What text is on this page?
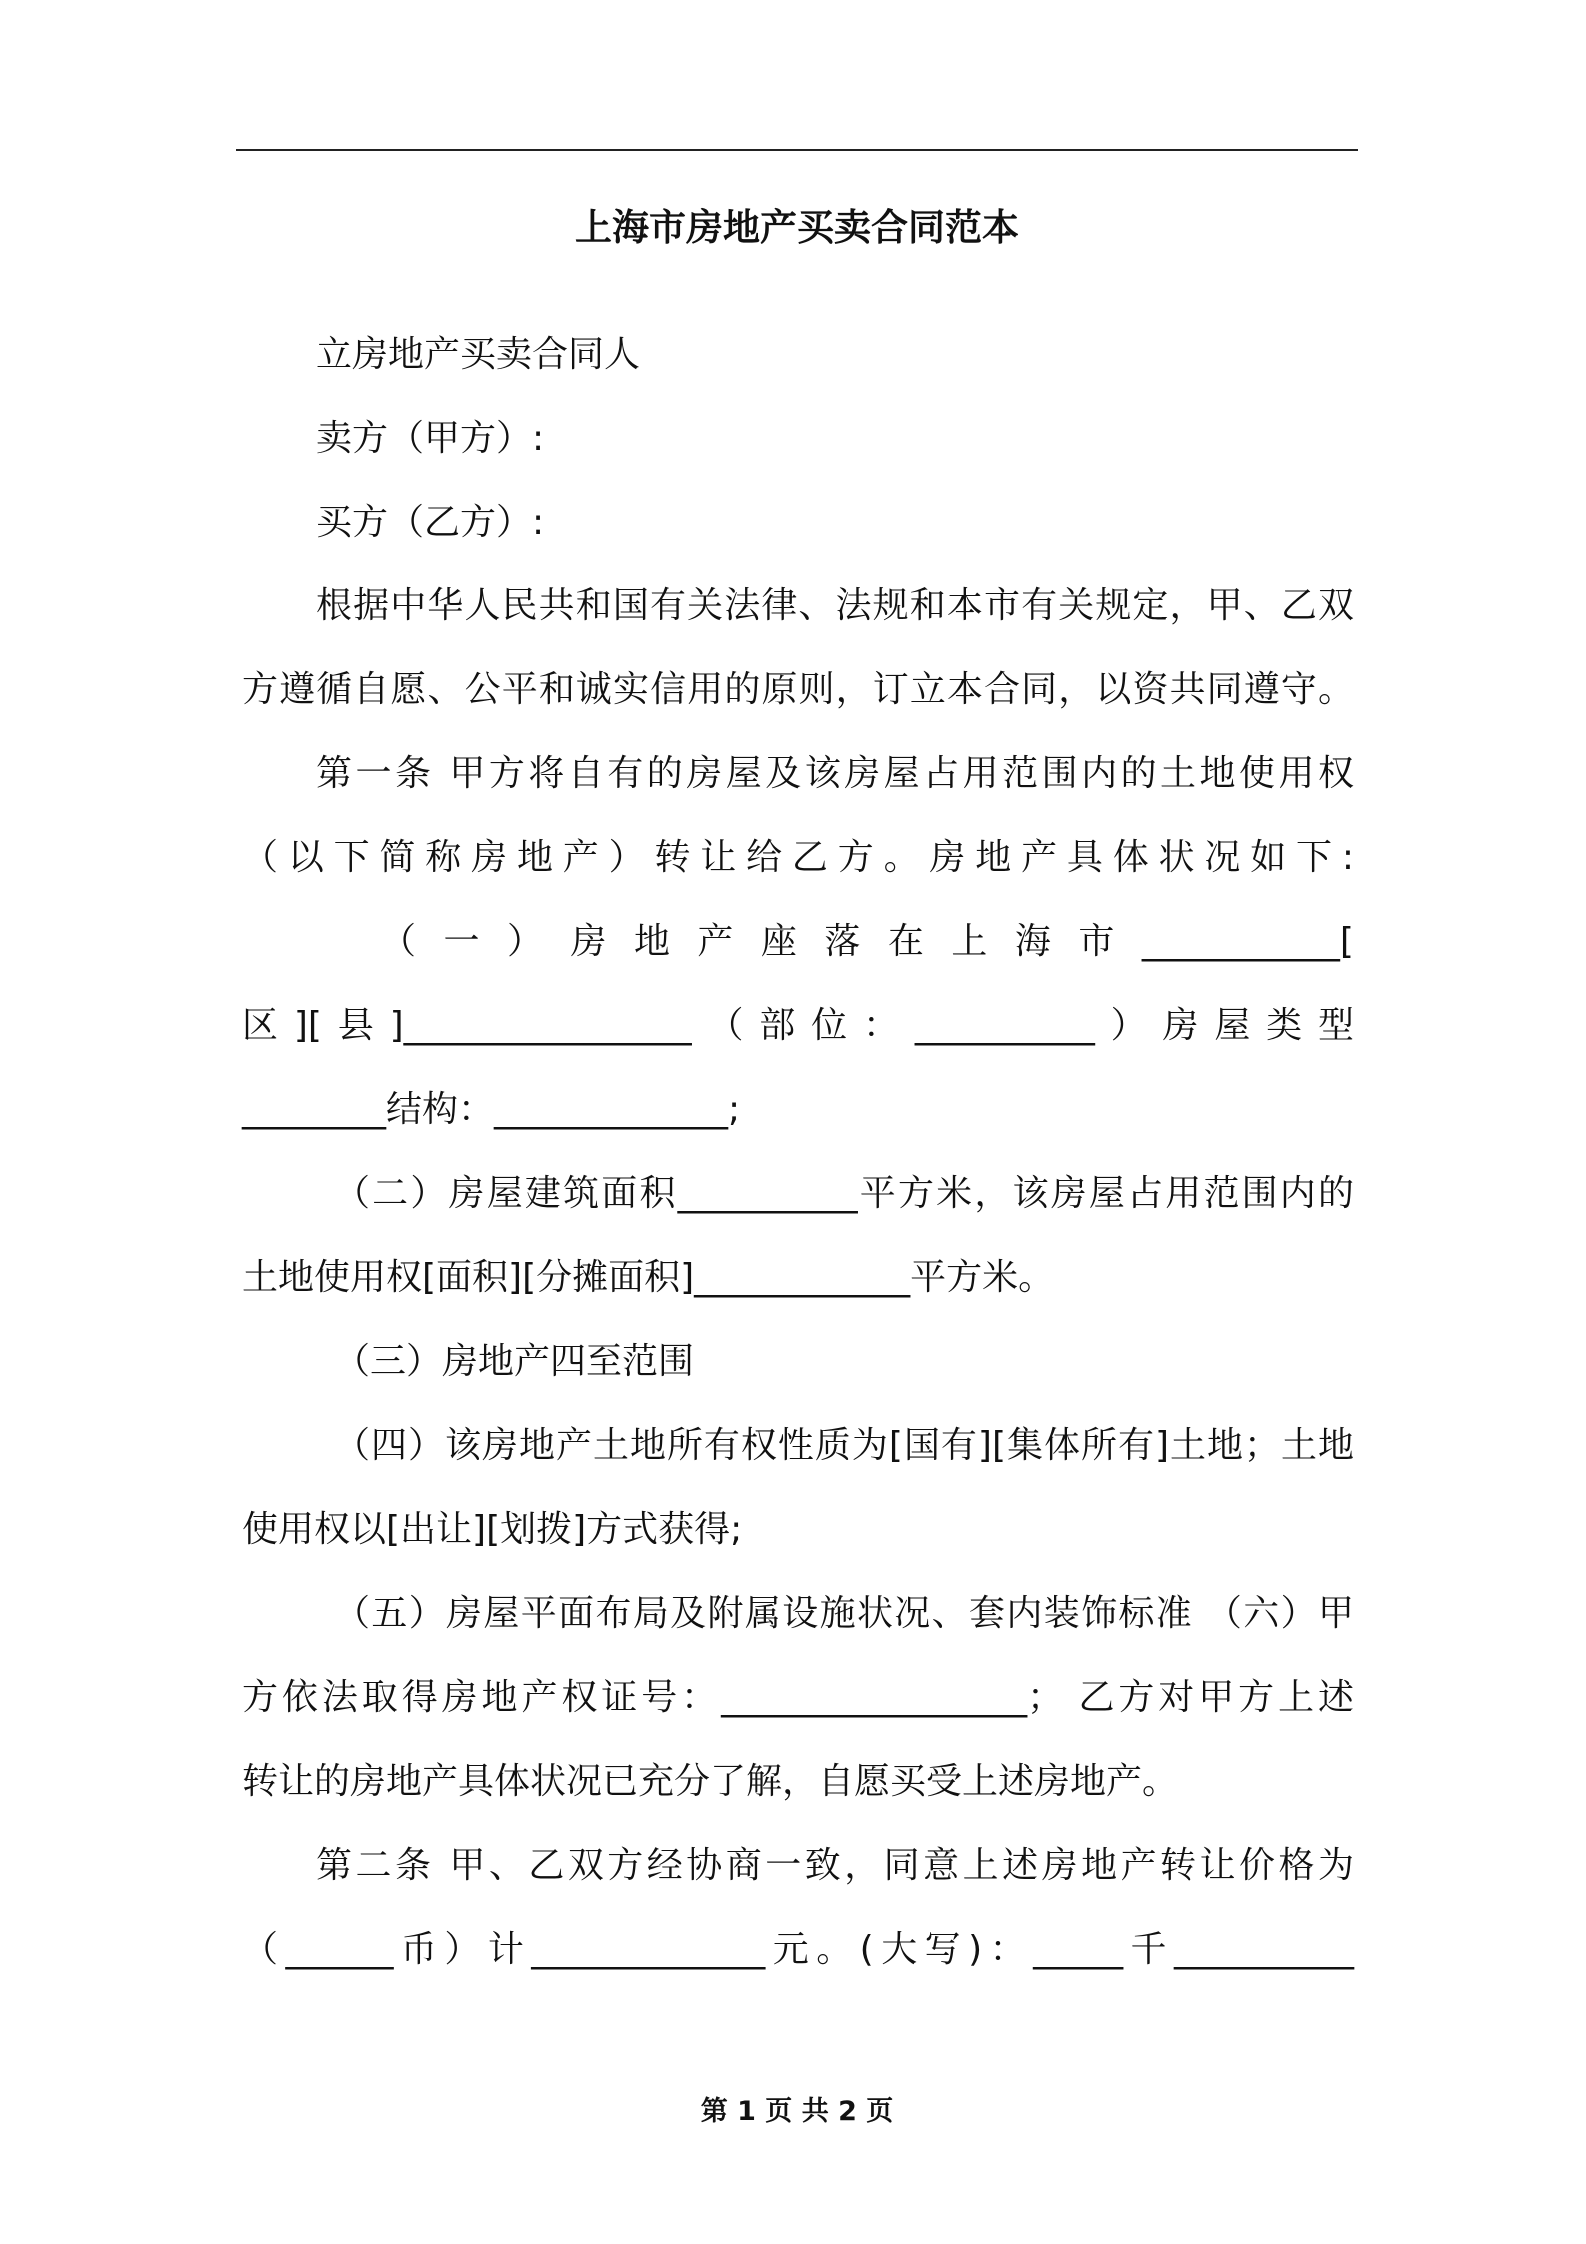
上海市房地产买卖合同范本
立房地产买卖合同人
卖方（甲方）:
买方（乙方）:
根据中华人民共和国有关法律、法规和本市有关规定，甲、乙双
方遵循自愿、公平和诚实信用的原则，订立本合同，以资共同遵守。
第一条 甲方将自有的房屋及该房屋占用范围内的土地使用权
（以下简称房地产）转让给乙方。房地产具体状况如下:
（ 一 ） 房 地 产 座 落 在 上 海 市 ___________[
区][县]________________（部位：__________）房屋类型
________结构：_____________;
（二）房屋建筑面积__________平方米，该房屋占用范围内的
土地使用权[面积][分摊面积]____________平方米。
（三）房地产四至范围
（四）该房地产土地所有权性质为[国有][集体所有]土地；土地
使用权以[出让][划拨]方式获得;
（五）房屋平面布局及附属设施状况、套内装饰标准 （六）甲
方依法取得房地产权证号：_________________； 乙方对甲方上述
转让的房地产具体状况已充分了解，自愿买受上述房地产。
第二条 甲、乙双方经协商一致，同意上述房地产转让价格为
（______币）计_____________元。(大写)：_____千__________
第 1 页 共 2 页
